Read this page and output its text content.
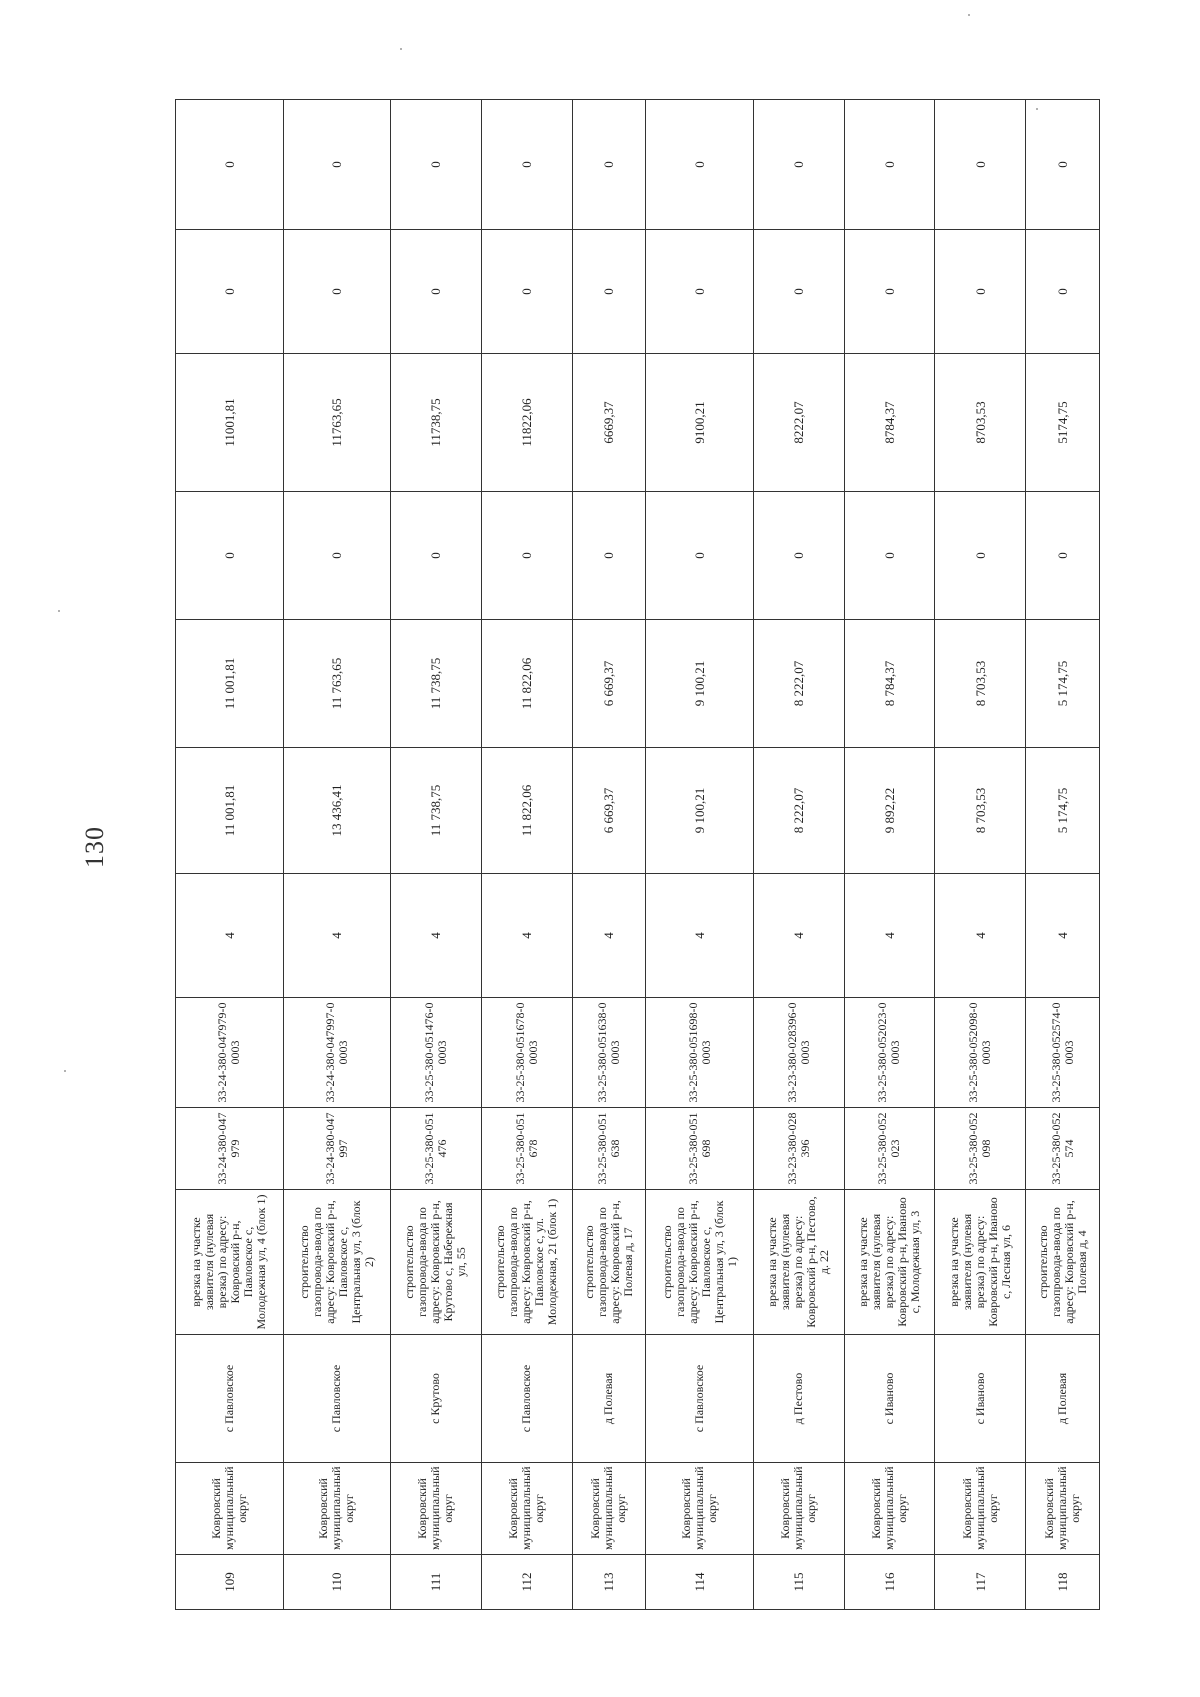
130
109	Ковровский муниципальный округ	с Павловское	врезка на участке заявителя (нулевая врезка) по адресу: Ковровский р-н, Павловское с, Молодежная ул, 4 (блок 1)	33-24-380-047979	33-24-380-047979-00003	4	11 001,81	11 001,81	0	11001,81	0	0
110	Ковровский муниципальный округ	с Павловское	строительство газопровода-ввода по адресу: Ковровский р-н, Павловское с, Центральная ул, 3 (блок 2)	33-24-380-047997	33-24-380-047997-00003	4	13 436,41	11 763,65	0	11763,65	0	0
111	Ковровский муниципальный округ	с Крутово	строительство газопровода-ввода по адресу: Ковровский р-н, Крутово с, Набережная ул, 55	33-25-380-051476	33-25-380-051476-00003	4	11 738,75	11 738,75	0	11738,75	0	0
112	Ковровский муниципальный округ	с Павловское	строительство газопровода-ввода по адресу: Ковровский р-н, Павловское с, ул. Молодежная, 21 (блок 1)	33-25-380-051678	33-25-380-051678-00003	4	11 822,06	11 822,06	0	11822,06	0	0
113	Ковровский муниципальный округ	д Полевая	строительство газопровода-ввода по адресу: Ковровский р-н, Полевая д, 17	33-25-380-051638	33-25-380-051638-00003	4	6 669,37	6 669,37	0	6669,37	0	0
114	Ковровский муниципальный округ	с Павловское	строительство газопровода-ввода по адресу: Ковровский р-н, Павловское с, Центральная ул, 3 (блок 1)	33-25-380-051698	33-25-380-051698-00003	4	9 100,21	9 100,21	0	9100,21	0	0
115	Ковровский муниципальный округ	д Пестово	врезка на участке заявителя (нулевая врезка) по адресу: Ковровский р-н, Пестово, д. 22	33-23-380-028396	33-23-380-028396-00003	4	8 222,07	8 222,07	0	8222,07	0	0
116	Ковровский муниципальный округ	с Иваново	врезка на участке заявителя (нулевая врезка) по адресу: Ковровский р-н, Иваново с, Молодежная ул, 3	33-25-380-052023	33-25-380-052023-00003	4	9 892,22	8 784,37	0	8784,37	0	0
117	Ковровский муниципальный округ	с Иваново	врезка на участке заявителя (нулевая врезка) по адресу: Ковровский р-н, Иваново с, Лесная ул, 6	33-25-380-052098	33-25-380-052098-00003	4	8 703,53	8 703,53	0	8703,53	0	0
118	Ковровский муниципальный округ	д Полевая	строительство газопровода-ввода по адресу: Ковровский р-н, Полевая д, 4	33-25-380-052574	33-25-380-052574-00003	4	5 174,75	5 174,75	0	5174,75	0	0
